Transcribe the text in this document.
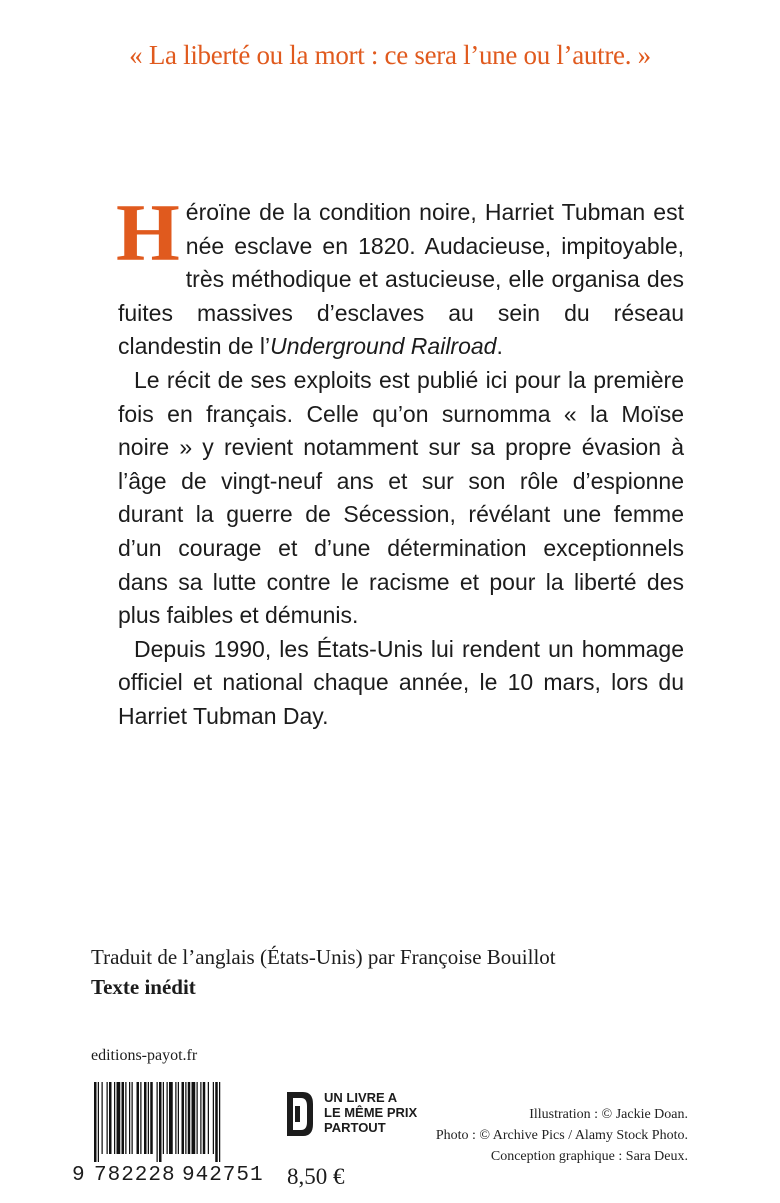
« La liberté ou la mort : ce sera l’une ou l’autre. »

Héroïne de la condition noire, Harriet Tubman est née esclave en 1820. Audacieuse, impitoyable, très méthodique et astucieuse, elle organisa des fuites massives d’esclaves au sein du réseau clandestin de l’Underground Railroad.

Le récit de ses exploits est publié ici pour la première fois en français. Celle qu’on surnomma « la Moïse noire » y revient notamment sur sa propre évasion à l’âge de vingt-neuf ans et sur son rôle d’espionne durant la guerre de Sécession, révélant une femme d’un courage et d’une détermination exceptionnels dans sa lutte contre le racisme et pour la liberté des plus faibles et démunis.

Depuis 1990, les États-Unis lui rendent un hommage officiel et national chaque année, le 10 mars, lors du Harriet Tubman Day.

Traduit de l’anglais (États-Unis) par Françoise Bouillot
Texte inédit
editions-payot.fr
9 782228 942751
UN LIVRE A
LE MÊME PRIX
PARTOUT
8,50 €
Illustration : © Jackie Doan.
Photo : © Archive Pics / Alamy Stock Photo.
Conception graphique : Sara Deux.
